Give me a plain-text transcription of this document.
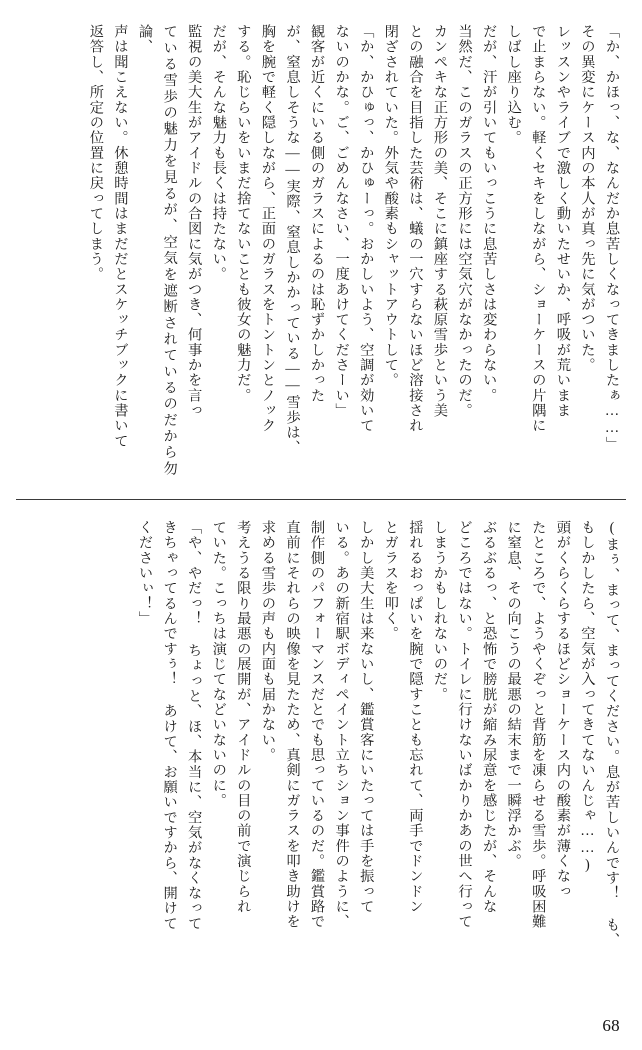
「か、かほっ、な、なんだか息苦しくなってきましたぁ……」

その異変にケース内の本人が真っ先に気がついた。

レッスンやライブで激しく動いたせいか、呼吸が荒いまま

で止まらない。軽くセキをしながら、ショーケースの片隅に

しばし座り込む。

だが、汗が引いてもいっこうに息苦しさは変わらない。

当然だ、このガラスの正方形には空気穴がなかったのだ。

カンペキな正方形の美、そこに鎮座する萩原雪歩という美

との融合を目指した芸術は、蟻の一穴すらないほど溶接され

閉ざされていた。外気や酸素もシャットアウトして。

「か、かひゅっ、かひゅーっ。おかしいよう、空調が効いて

ないのかな。ご、ごめんなさい、一度あけてくださーい」

観客が近くにいる側のガラスによるのは恥ずかしかった

が、窒息しそうな――実際、窒息しかかっている――雪歩は、

胸を腕で軽く隠しながら、正面のガラスをトントンとノック

する。恥じらいをいまだ捨てないことも彼女の魅力だ。

だが、そんな魅力も長くは持たない。

監視の美大生がアイドルの合図に気がつき、何事かを言っ

ている雪歩の魅力を見るが、空気を遮断されているのだから勿論、

声は聞こえない。休憩時間はまだだとスケッチブックに書いて

返答し、所定の位置に戻ってしまう。

(まぅ、まって、まってください。息が苦しいんです！ も、

もしかしたら、空気が入ってきてないんじゃ……)

頭がくらくらするほどショーケース内の酸素が薄くなっ

たところで、ようやくぞっと背筋を凍らせる雪歩。呼吸困難

に窒息、その向こうの最悪の結末まで一瞬浮かぶ。

ぶるぶるっ、と恐怖で膀胱が縮み尿意を感じたが、そんな

どころではない。トイレに行けないばかりかあの世へ行って

しまうかもしれないのだ。

揺れるおっぱいを腕で隠すことも忘れて、両手でドンドン

とガラスを叩く。

しかし美大生は来ないし、鑑賞客にいたっては手を振って

いる。あの新宿駅ボディペイント立ちション事件のように、

制作側のパフォーマンスだとでも思っているのだ。鑑賞路で

直前にそれらの映像を見たため、真剣にガラスを叩き助けを

求める雪歩の声も内面も届かない。

考えうる限り最悪の展開が、アイドルの目の前で演じられ

ていた。こっちは演じてなどいないのに。

「や、やだっ！ ちょっと、ほ、本当に、空気がなくなって

きちゃってるんですぅ！ あけて、お願いですから、開けて

くださいぃ！」

68
